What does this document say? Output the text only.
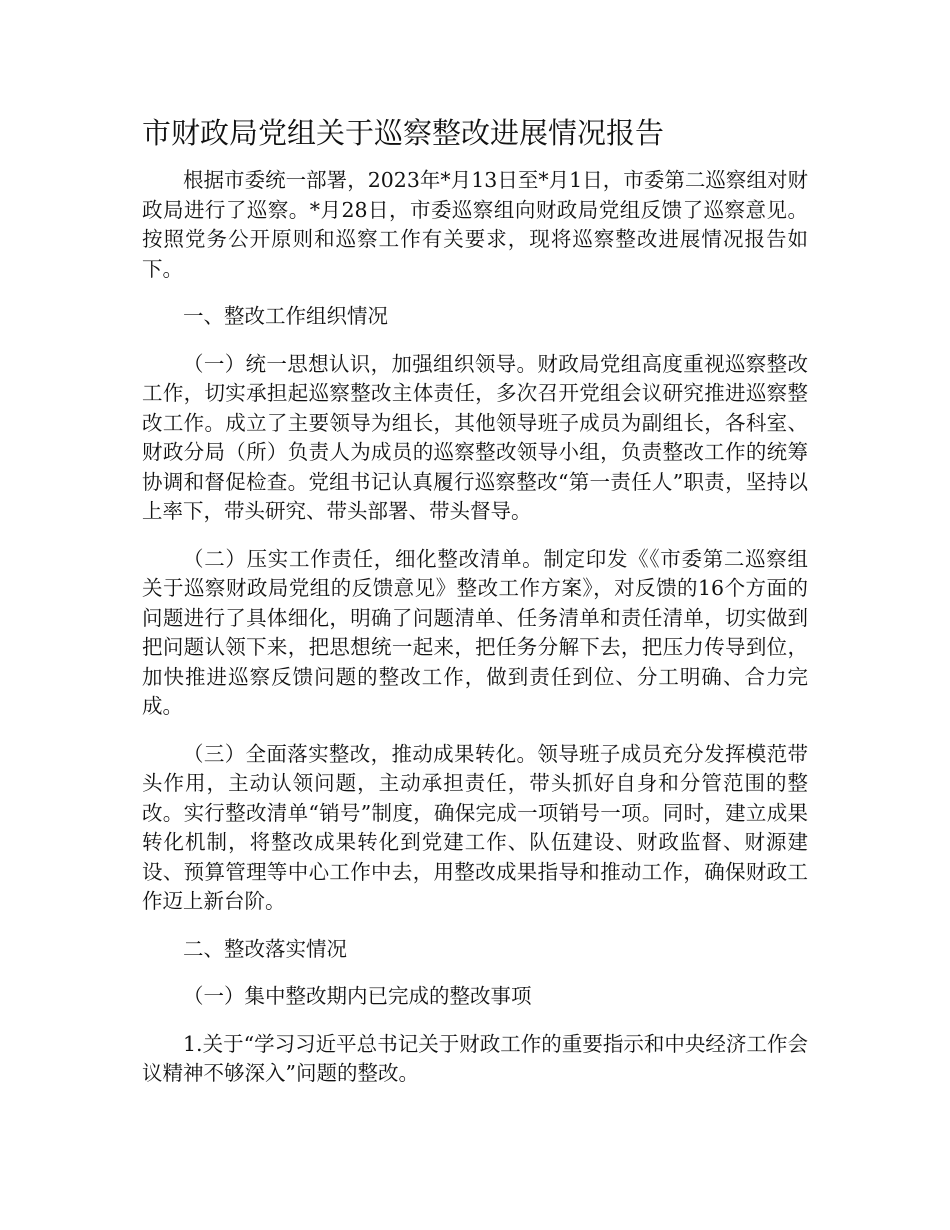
市财政局党组关于巡察整改进展情况报告

根据市委统一部署，2023年*月13日至*月1日，市委第二巡察组对财政局进行了巡察。*月28日，市委巡察组向财政局党组反馈了巡察意见。按照党务公开原则和巡察工作有关要求，现将巡察整改进展情况报告如下。

一、整改工作组织情况

（一）统一思想认识，加强组织领导。财政局党组高度重视巡察整改工作，切实承担起巡察整改主体责任，多次召开党组会议研究推进巡察整改工作。成立了主要领导为组长，其他领导班子成员为副组长，各科室、财政分局（所）负责人为成员的巡察整改领导小组，负责整改工作的统筹协调和督促检查。党组书记认真履行巡察整改“第一责任人”职责，坚持以上率下，带头研究、带头部署、带头督导。

（二）压实工作责任，细化整改清单。制定印发《《市委第二巡察组关于巡察财政局党组的反馈意见》整改工作方案》，对反馈的16个方面的问题进行了具体细化，明确了问题清单、任务清单和责任清单，切实做到把问题认领下来，把思想统一起来，把任务分解下去，把压力传导到位，加快推进巡察反馈问题的整改工作，做到责任到位、分工明确、合力完成。

（三）全面落实整改，推动成果转化。领导班子成员充分发挥模范带头作用，主动认领问题，主动承担责任，带头抓好自身和分管范围的整改。实行整改清单“销号”制度，确保完成一项销号一项。同时，建立成果转化机制，将整改成果转化到党建工作、队伍建设、财政监督、财源建设、预算管理等中心工作中去，用整改成果指导和推动工作，确保财政工作迈上新台阶。

二、整改落实情况

（一）集中整改期内已完成的整改事项

1.关于“学习习近平总书记关于财政工作的重要指示和中央经济工作会议精神不够深入”问题的整改。
